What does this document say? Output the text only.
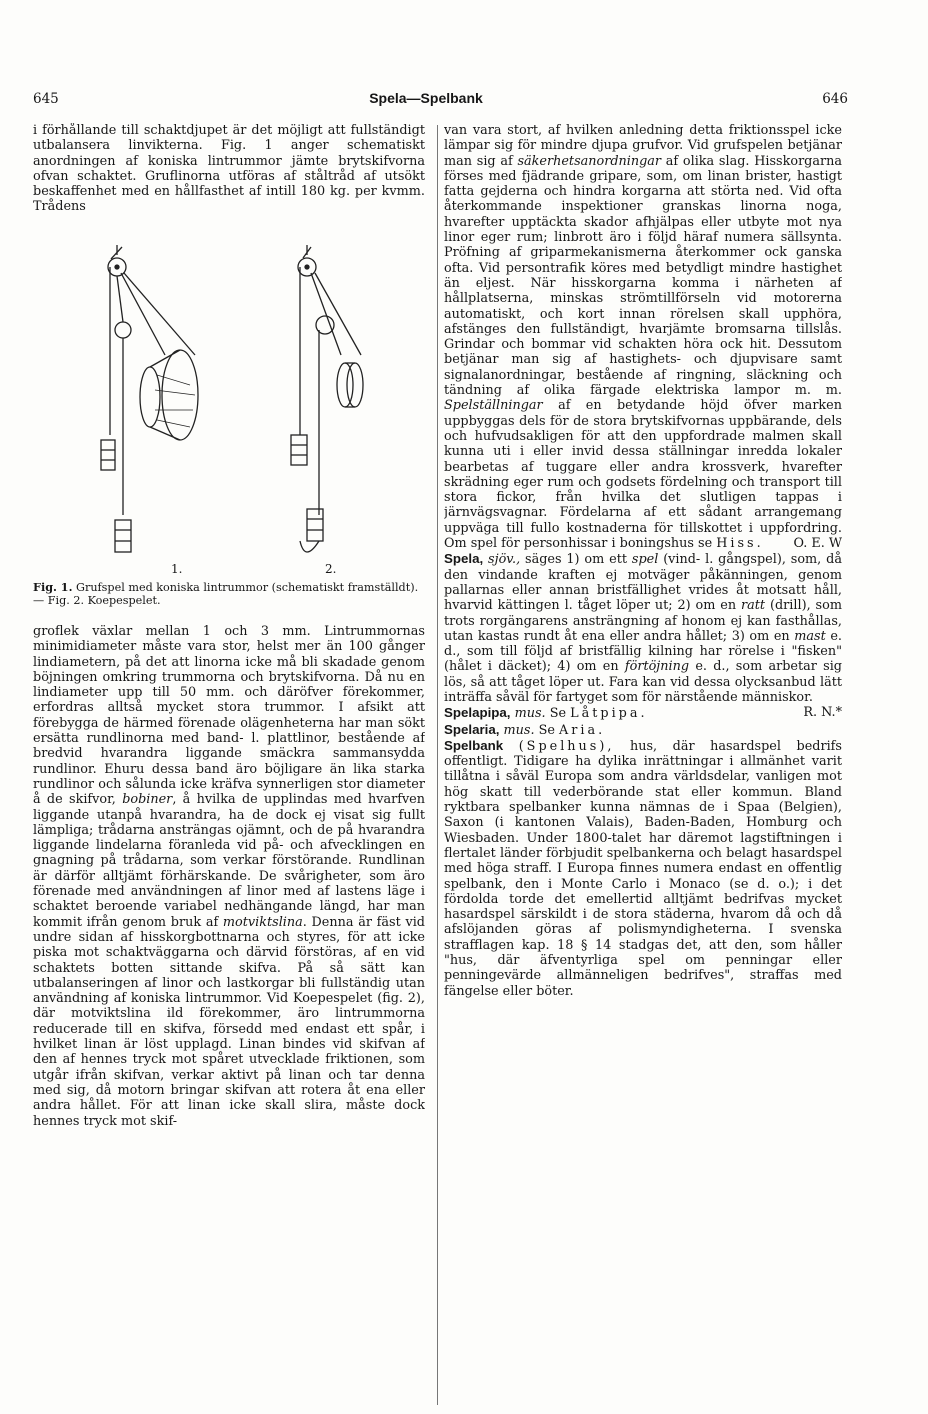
645	Spela—Spelbank	646

i förhållande till schaktdjupet är det möjligt att fullständigt utbalansera linvikterna. Fig. 1 anger schematiskt anordningen af koniska lintrummor jämte brytskifvorna ofvan schaktet. Gruflinorna utföras af ståltråd af utsökt beskaffenhet med en hållfasthet af intill 180 kg. per kvmm. Trådens

1.	2.
Fig. 1. Grufspel med koniska lintrummor (schematiskt framställdt). — Fig. 2. Koepespelet.

groflek växlar mellan 1 och 3 mm. Lintrummornas minimidiameter måste vara stor, helst mer än 100 gånger lindiametern, på det att linorna icke må bli skadade genom böjningen omkring trummorna och brytskifvorna. Då nu en lindiameter upp till 50 mm. och däröfver förekommer, erfordras alltså mycket stora trummor. I afsikt att förebygga de härmed förenade olägenheterna har man sökt ersätta rundlinorna med band- l. plattlinor, bestående af bredvid hvarandra liggande smäckra sammansydda rundlinor. Ehuru dessa band äro böjligare än lika starka rundlinor och sålunda icke kräfva synnerligen stor diameter å de skifvor, bobiner, å hvilka de upplindas med hvarfven liggande utanpå hvarandra, ha de dock ej visat sig fullt lämpliga; trådarna ansträngas ojämnt, och de på hvarandra liggande lindelarna föranleda vid på- och afvecklingen en gnagning på trådarna, som verkar förstörande. Rundlinan är därför alltjämt förhärskande. De svårigheter, som äro förenade med användningen af linor med af lastens läge i schaktet beroende variabel nedhängande längd, har man kommit ifrån genom bruk af motviktslina. Denna är fäst vid undre sidan af hisskorgbottnarna och styres, för att icke piska mot schaktväggarna och därvid förstöras, af en vid schaktets botten sittande skifva. På så sätt kan utbalanseringen af linor och lastkorgar bli fullständig utan användning af koniska lintrummor. Vid Koepespelet (fig. 2), där motviktslina ild förekommer, äro lintrummorna reducerade till en skifva, försedd med endast ett spår, i hvilket linan är löst upplagd. Linan bindes vid skifvan af den af hennes tryck mot spåret utvecklade friktionen, som utgår ifrån skifvan, verkar aktivt på linan och tar denna med sig, då motorn bringar skifvan att rotera åt ena eller andra hållet. För att linan icke skall slira, måste dock hennes tryck mot skif-

van vara stort, af hvilken anledning detta friktionsspel icke lämpar sig för mindre djupa grufvor. Vid grufspelen betjänar man sig af säkerhetsanordningar af olika slag. Hisskorgarna förses med fjädrande gripare, som, om linan brister, hastigt fatta gejderna och hindra korgarna att störta ned. Vid ofta återkommande inspektioner granskas linorna noga, hvarefter upptäckta skador afhjälpas eller utbyte mot nya linor eger rum; linbrott äro i följd häraf numera sällsynta. Pröfning af griparmekanismerna återkommer ock ganska ofta. Vid persontrafik köres med betydligt mindre hastighet än eljest. När hisskorgarna komma i närheten af hållplatserna, minskas strömtillförseln vid motorerna automatiskt, och kort innan rörelsen skall upphöra, afstänges den fullständigt, hvarjämte bromsarna tillslås. Grindar och bommar vid schakten höra ock hit. Dessutom betjänar man sig af hastighets- och djupvisare samt signalanordningar, bestående af ringning, släckning och tändning af olika färgade elektriska lampor m. m. Spelställningar af en betydande höjd öfver marken uppbyggas dels för de stora brytskifvornas uppbärande, dels och hufvudsakligen för att den uppfordrade malmen skall kunna uti i eller invid dessa ställningar inredda lokaler bearbetas af tuggare eller andra krossverk, hvarefter skrädning eger rum och godsets fördelning och transport till stora fickor, från hvilka det slutligen tappas i järnvägsvagnar. Fördelarna af ett sådant arrangemang uppväga till fullo kostnaderna för tillskottet i uppfordring. Om spel för personhissar i boningshus se Hiss. O. E. W

Spela, sjöv., säges 1) om ett spel (vind- l. gångspel), som, då den vindande kraften ej motväger påkänningen, genom pallarnas eller annan bristfällighet vrides åt motsatt håll, hvarvid kättingen l. tåget löper ut; 2) om en ratt (drill), som trots rorgängarens ansträngning af honom ej kan fasthållas, utan kastas rundt åt ena eller andra hållet; 3) om en mast e. d., som till följd af bristfällig kilning har rörelse i "fisken" (hålet i däcket); 4) om en förtöjning e. d., som arbetar sig lös, så att tåget löper ut. Fara kan vid dessa olycksanbud lätt inträffa såväl för fartyget som för närstående människor.
R. N.*

Spelapipa, mus. Se Låtpipa.

Spelaria, mus. Se Aria.

Spelbank (Spelhus), hus, där hasardspel bedrifs offentligt. Tidigare ha dylika inrättningar i allmänhet varit tillåtna i såväl Europa som andra världsdelar, vanligen mot hög skatt till vederbörande stat eller kommun. Bland ryktbara spelbanker kunna nämnas de i Spaa (Belgien), Saxon (i kantonen Valais), Baden-Baden, Homburg och Wiesbaden. Under 1800-talet har däremot lagstiftningen i flertalet länder förbjudit spelbankerna och belagt hasardspel med höga straff. I Europa finnes numera endast en offentlig spelbank, den i Monte Carlo i Monaco (se d. o.); i det fördolda torde det emellertid alltjämt bedrifvas mycket hasardspel särskildt i de stora städerna, hvarom då och då afslöjanden göras af polismyndigheterna. I svenska strafflagen kap. 18 § 14 stadgas det, att den, som håller "hus, där äfventyrliga spel om penningar eller penningevärde allmänneligen bedrifves", straffas med fängelse eller böter.
